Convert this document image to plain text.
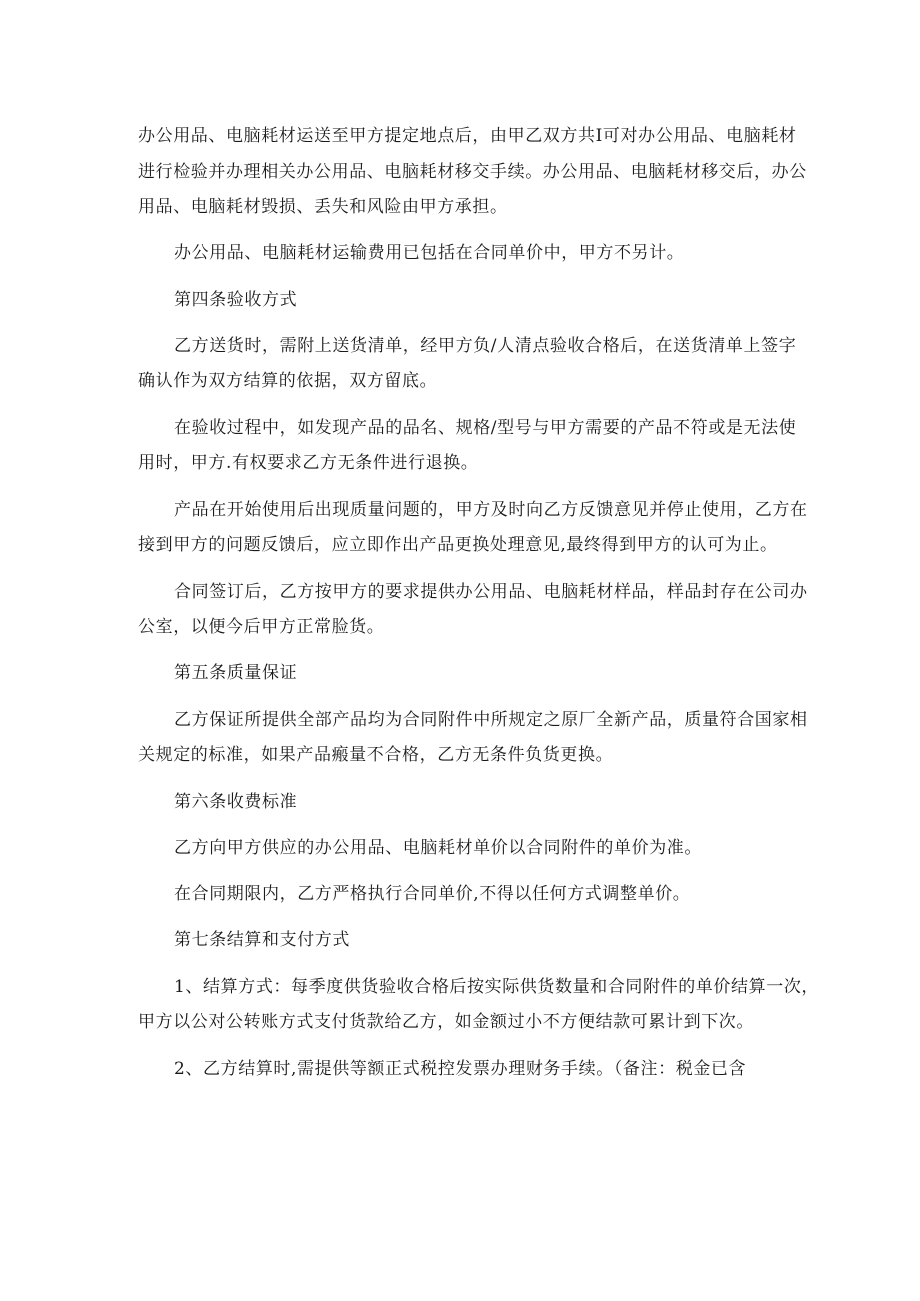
办公用品、电脑耗材运送至甲方提定地点后，由甲乙双方共I可对办公用品、电脑耗材
进行检验并办理相关办公用品、电脑耗材移交手续。办公用品、电脑耗材移交后，办公
用品、电脑耗材毁损、丢失和风险由甲方承担。
办公用品、电脑耗材运输费用已包括在合同单价中，甲方不另计。
第四条验收方式
乙方送货时，需附上送货清单，经甲方负/人清点验收合格后，在送货清单上签字
确认作为双方结算的依据，双方留底。
在验收过程中，如发现产品的品名、规格/型号与甲方需要的产品不符或是无法使
用时，甲方.有权要求乙方无条件进行退换。
产品在开始使用后出现质量问题的，甲方及时向乙方反馈意见并停止使用，乙方在
接到甲方的问题反馈后，应立即作出产品更换处理意见,最终得到甲方的认可为止。
合同签订后，乙方按甲方的要求提供办公用品、电脑耗材样品，样品封存在公司办
公室，以便今后甲方正常脸货。
第五条质量保证
乙方保证所提供全部产品均为合同附件中所规定之原厂全新产品，质量符合国家相
关规定的标准，如果产品瘢量不合格，乙方无条件负货更换。
第六条收费标准
乙方向甲方供应的办公用品、电脑耗材单价以合同附件的单价为准。
在合同期限内，乙方严格执行合同单价,不得以任何方式调整单价。
第七条结算和支付方式
1、结算方式：每季度供货验收合格后按实际供货数量和合同附件的单价结算一次，
甲方以公对公转账方式支付货款给乙方，如金额过小不方便结款可累计到下次。
2、乙方结算时,需提供等额正式税控发票办理财务手续。（备注：税金已含
